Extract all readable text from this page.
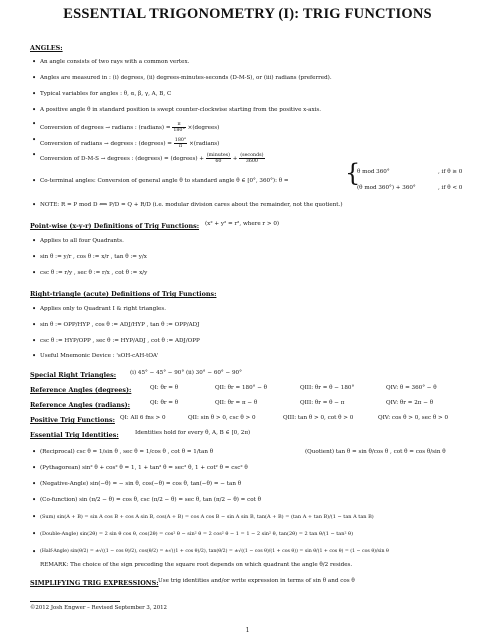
ESSENTIAL TRIGONOMETRY (I): TRIG FUNCTIONS
ANGLES:
• An angle consists of two rays with a common vertex.
• Angles are measured in : (i) degrees, (ii) degrees-minutes-seconds (D-M-S), or (iii) radians (preferred).
• Typical variables for angles : θ, α, β, γ, A, B, C
• A positive angle θ in standard position is swept counter-clockwise starting from the positive x-axis.
• Conversion of degrees → radians : (radians) = $\frac{\pi}{180^\circ}$ ×(degrees)
• Conversion of radians → degrees : (degrees) = $\frac{180^\circ}{\pi}$ ×(radians)
• Conversion of D-M-S → degrees : (degrees) = (degrees) + $\frac{\text{(minutes)}}{60} + \frac{\text{(seconds)}}{3600}$
• Co-terminal angles: Conversion of general angle θ to standard angle θ ∈ [0°, 360°): θ = {
θ mod 360°	, if θ ≥ 0
(θ mod 360°) + 360°	, if θ < 0
• NOTE: R = P mod D ⟺ P/D = Q + R/D (i.e. modular division cares about the remainder, not the quotient.)
Point-wise (x-y-r) Definitions of Trig Functions: (x² + y² = r², where r > 0)
• Applies to all four Quadrants.
• sin θ := y/r , cos θ := x/r , tan θ := y/x
• csc θ := r/y , sec θ := r/x , cot θ := x/y
Right-triangle (acute) Definitions of Trig Functions:
• Applies only to Quadrant I & right triangles.
• sin θ := OPP/HYP , cos θ := ADJ/HYP , tan θ := OPP/ADJ
• csc θ := HYP/OPP , sec θ := HYP/ADJ , cot θ := ADJ/OPP
• Useful Mnemonic Device : 'sOH-cAH-tOA'
Special Right Triangles: (i) 45° − 45° − 90° (ii) 30° − 60° − 90°
Reference Angles (degrees):	QI: θr = θ	QII: θr = 180° − θ	QIII: θr = θ − 180°	QIV: θ = 360° − θ
Reference Angles (radians):	QI: θr = θ	QII: θr = π − θ	QIII: θr = θ − π	QIV: θr = 2π − θ
Positive Trig Functions: QI: All 6 fns > 0	QII: sin θ > 0, csc θ > 0	QIII: tan θ > 0, cot θ > 0	QIV: cos θ > 0, sec θ > 0
Essential Trig Identities:	Identities hold for every θ, A, B ∈ [0, 2π)
• (Reciprocal) csc θ = 1/sin θ , sec θ = 1/cos θ , cot θ = 1/tan θ	(Quotient) tan θ = sin θ/cos θ , cot θ = cos θ/sin θ
• (Pythagorean) sin² θ + cos² θ = 1, 1 + tan² θ = sec² θ, 1 + cot² θ = csc² θ
• (Negative-Angle) sin(−θ) = − sin θ, cos(−θ) = cos θ, tan(−θ) = − tan θ
• (Co-function) sin (π/2 − θ) = cos θ, csc (π/2 − θ) = sec θ, tan (π/2 − θ) = cot θ
• (Sum) sin(A + B) = sin A cos B + cos A sin B, cos(A + B) = cos A cos B − sin A sin B, tan(A + B) = (tan A + tan B)/(1 − tan A tan B)
• (Double-Angle) sin(2θ) = 2 sin θ cos θ, cos(2θ) = cos² θ − sin² θ = 2 cos² θ − 1 = 1 − 2 sin² θ, tan(2θ) = 2 tan θ/(1 − tan² θ)
• (Half-Angle) sin(θ/2) = ±√((1 − cos θ)/2), cos(θ/2) = ±√((1 + cos θ)/2), tan(θ/2) = ±√((1 − cos θ)/(1 + cos θ)) = sin θ/(1 + cos θ) = (1 − cos θ)/sin θ
REMARK: The choice of the sign preceding the square root depends on which quadrant the angle θ/2 resides.
SIMPLIFYING TRIG EXPRESSIONS: Use trig identities and/or write expression in terms of sin θ and cos θ
©2012 Josh Engwer – Revised September 3, 2012
1
